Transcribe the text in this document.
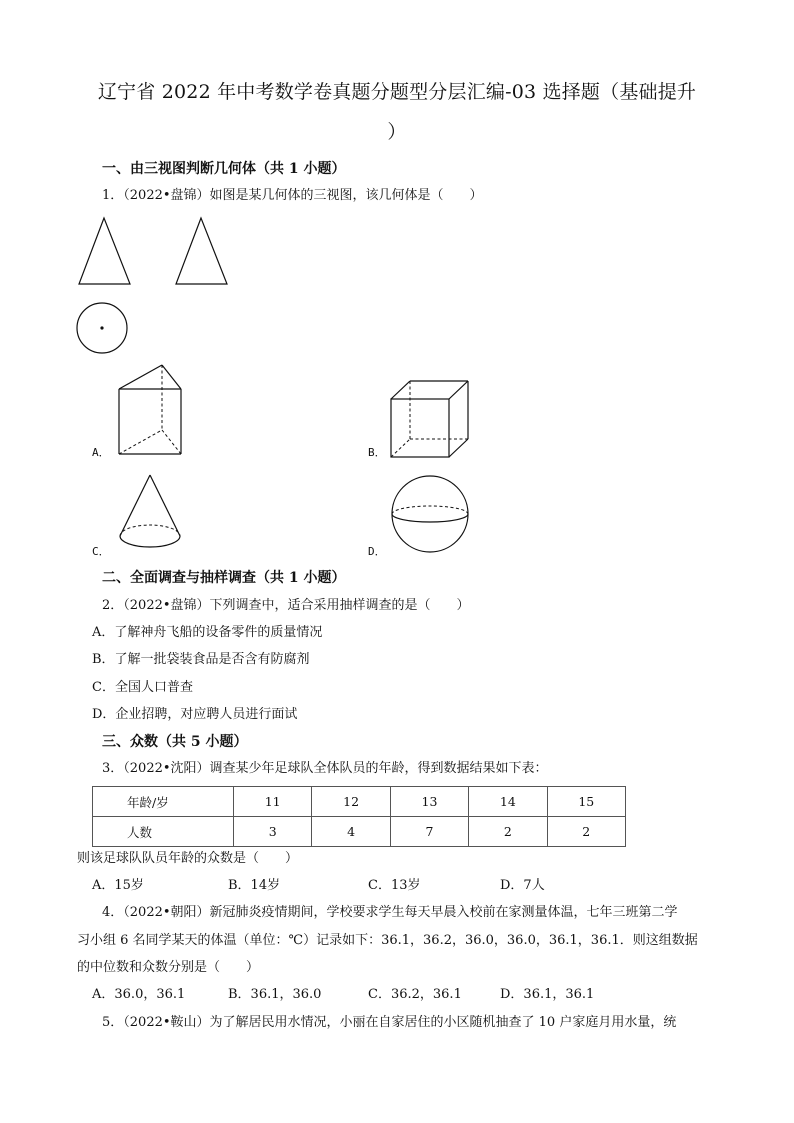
辽宁省 2022 年中考数学卷真题分题型分层汇编-03 选择题（基础提升
）
一、由三视图判断几何体（共 1 小题）
1．（2022•盘锦）如图是某几何体的三视图，该几何体是（　　）
A．	B．
C．	D．
二、全面调查与抽样调查（共 1 小题）
2．（2022•盘锦）下列调查中，适合采用抽样调查的是（　　）
A．了解神舟飞船的设备零件的质量情况
B．了解一批袋装食品是否含有防腐剂
C．全国人口普查
D．企业招聘，对应聘人员进行面试
三、众数（共 5 小题）
3．（2022•沈阳）调查某少年足球队全体队员的年龄，得到数据结果如下表：
年龄/岁	11	12	13	14	15
人数	3	4	7	2	2
则该足球队队员年龄的众数是（　　）
A．15岁	B．14岁	C．13岁	D．7人
4．（2022•朝阳）新冠肺炎疫情期间，学校要求学生每天早晨入校前在家测量体温，七年三班第二学
习小组 6 名同学某天的体温（单位：℃）记录如下：36.1，36.2，36.0，36.0，36.1，36.1．则这组数据
的中位数和众数分别是（　　）
A．36.0，36.1	B．36.1，36.0	C．36.2，36.1	D．36.1，36.1
5．（2022•鞍山）为了解居民用水情况，小丽在自家居住的小区随机抽查了 10 户家庭月用水量，统
